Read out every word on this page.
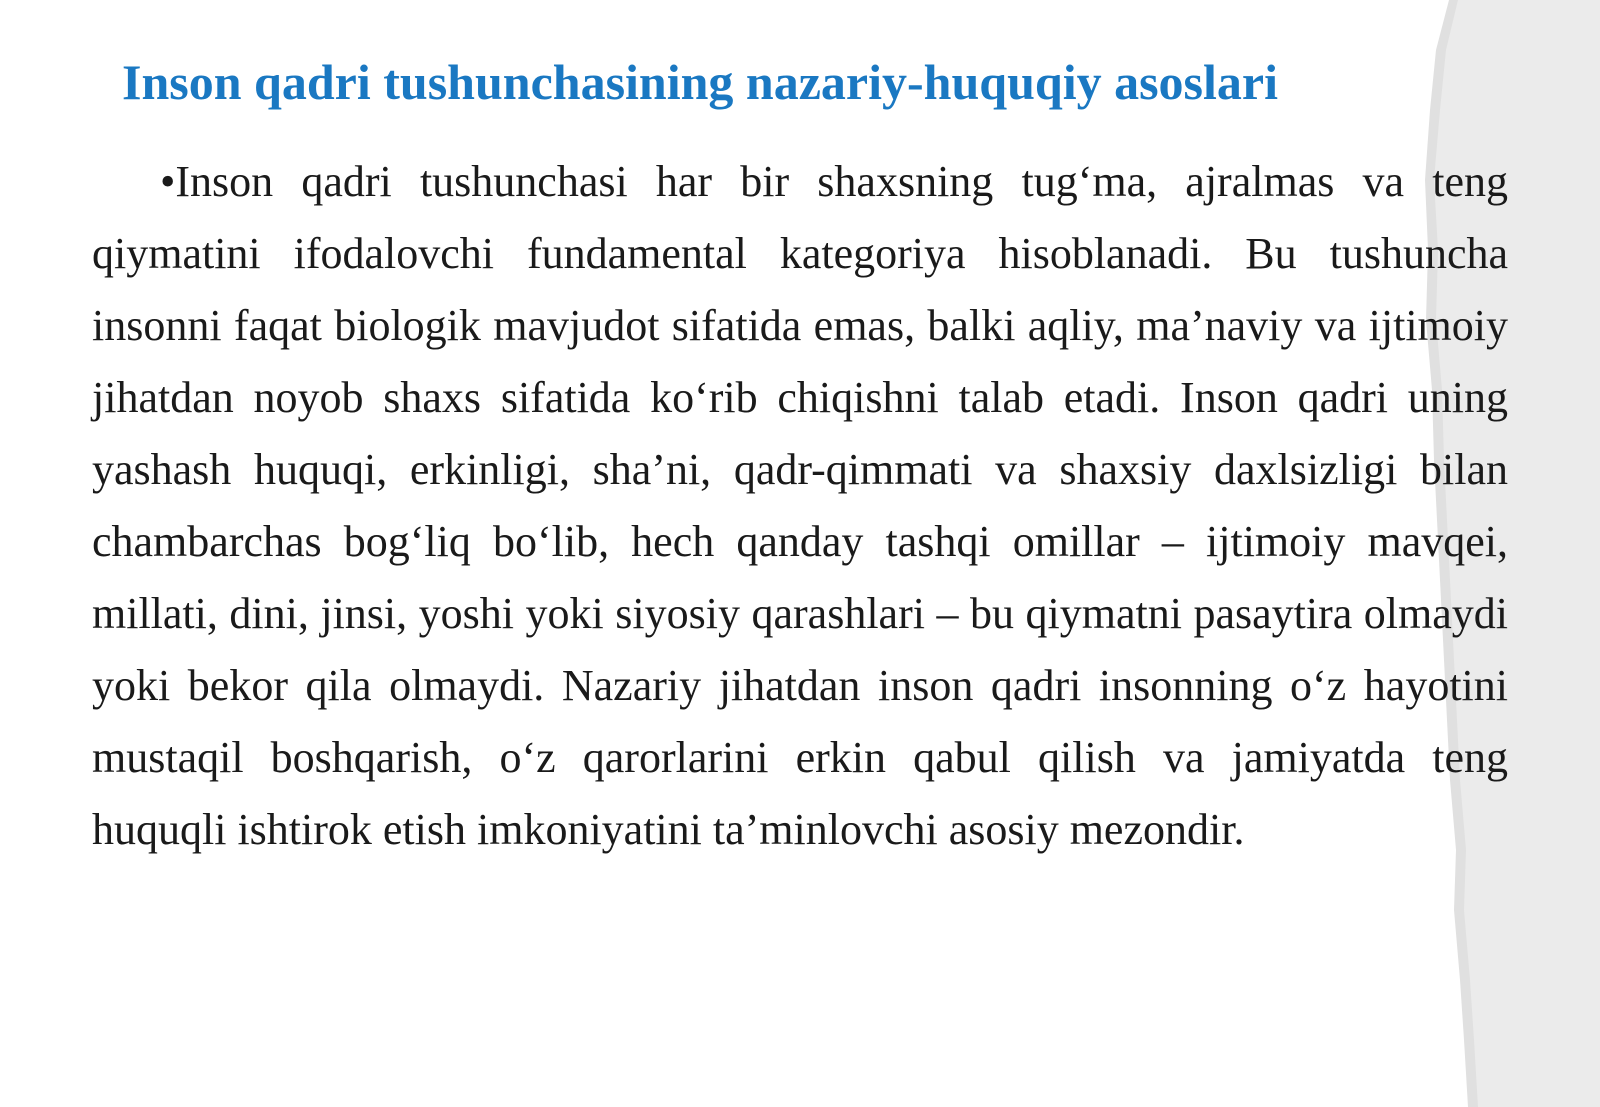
Inson qadri tushunchasining nazariy-huquqiy asoslari

•Inson qadri tushunchasi har bir shaxsning tug‘ma, ajralmas va teng qiymatini ifodalovchi fundamental kategoriya hisoblanadi. Bu tushuncha insonni faqat biologik mavjudot sifatida emas, balki aqliy, ma’naviy va ijtimoiy jihatdan noyob shaxs sifatida ko‘rib chiqishni talab etadi. Inson qadri uning yashash huquqi, erkinligi, sha’ni, qadr-qimmati va shaxsiy daxlsizligi bilan chambarchas bog‘liq bo‘lib, hech qanday tashqi omillar – ijtimoiy mavqei, millati, dini, jinsi, yoshi yoki siyosiy qarashlari – bu qiymatni pasaytira olmaydi yoki bekor qila olmaydi. Nazariy jihatdan inson qadri insonning o‘z hayotini mustaqil boshqarish, o‘z qarorlarini erkin qabul qilish va jamiyatda teng huquqli ishtirok etish imkoniyatini ta’minlovchi asosiy mezondir.
